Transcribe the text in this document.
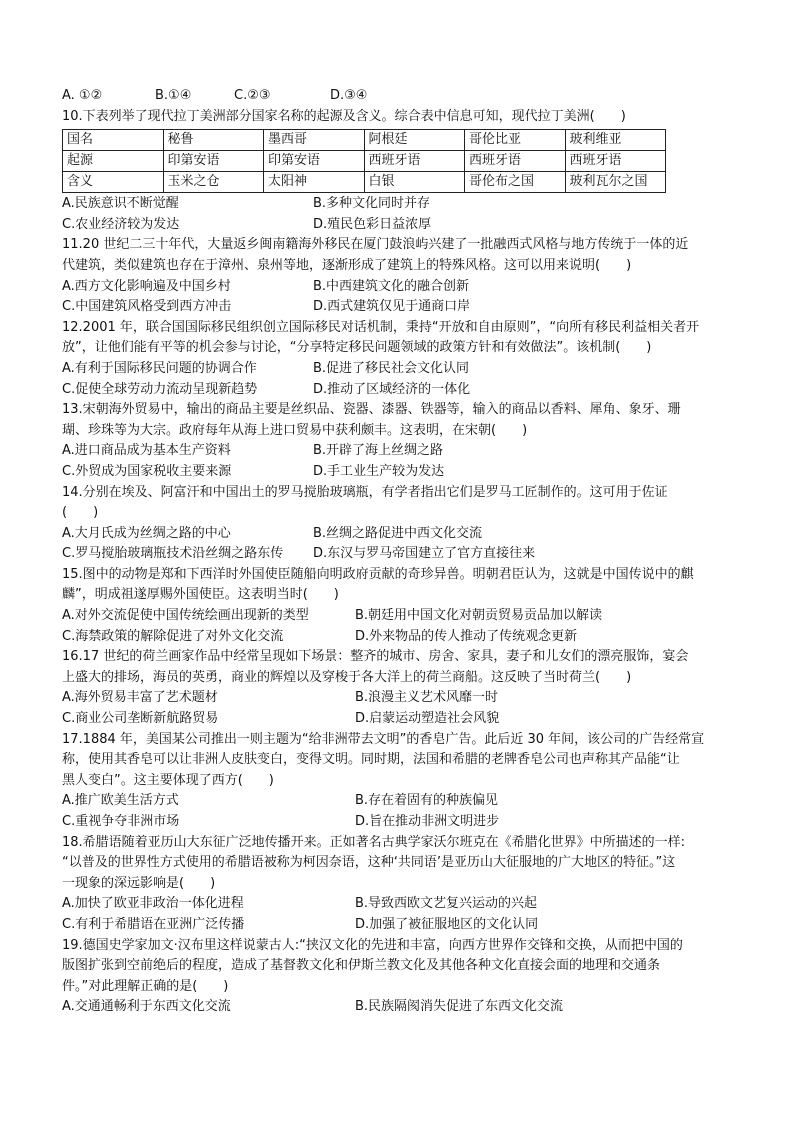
A. ①②	B.①④	C.②③	D.③④
10.下表列举了现代拉丁美洲部分国家名称的起源及含义。综合表中信息可知，现代拉丁美洲(　　)
国名	秘鲁	墨西哥	阿根廷	哥伦比亚	玻利维亚
起源	印第安语	印第安语	西班牙语	西班牙语	西班牙语
含义	玉米之仓	太阳神	白银	哥伦布之国	玻利瓦尔之国
A.民族意识不断觉醒	B.多种文化同时并存
C.农业经济较为发达	D.殖民色彩日益浓厚
11.20 世纪二三十年代，大量返乡闽南籍海外移民在厦门鼓浪屿兴建了一批融西式风格与地方传统于一体的近
代建筑，类似建筑也存在于漳州、泉州等地，逐渐形成了建筑上的特殊风格。这可以用来说明(　　)
A.西方文化影响遍及中国乡村	B.中西建筑文化的融合创新
C.中国建筑风格受到西方冲击	D.西式建筑仅见于通商口岸
12.2001 年，联合国国际移民组织创立国际移民对话机制，秉持“开放和自由原则”，“向所有移民利益相关者开
放”，让他们能有平等的机会参与讨论，“分享特定移民问题领域的政策方针和有效做法”。该机制(　　)
A.有利于国际移民问题的协调合作	B.促进了移民社会文化认同
C.促使全球劳动力流动呈现新趋势	D.推动了区域经济的一体化
13.宋朝海外贸易中，输出的商品主要是丝织品、瓷器、漆器、铁器等，输入的商品以香料、犀角、象牙、珊
瑚、珍珠等为大宗。政府每年从海上进口贸易中获利颇丰。这表明，在宋朝(　　)
A.进口商品成为基本生产资料	B.开辟了海上丝绸之路
C.外贸成为国家税收主要来源	D.手工业生产较为发达
14.分别在埃及、阿富汗和中国出土的罗马搅胎玻璃瓶，有学者指出它们是罗马工匠制作的。这可用于佐证
(　　)
A.大月氏成为丝绸之路的中心	B.丝绸之路促进中西文化交流
C.罗马搅胎玻璃瓶技术沿丝绸之路东传 D.东汉与罗马帝国建立了官方直接往来
15.图中的动物是郑和下西洋时外国使臣随船向明政府贡献的奇珍异兽。明朝君臣认为，这就是中国传说中的麒
麟”，明成祖遂厚赐外国使臣。这表明当时(　　)
A.对外交流促使中国传统绘画出现新的类型	B.朝廷用中国文化对朝贡贸易贡品加以解读
C.海禁政策的解除促进了对外文化交流	D.外来物品的传人推动了传统观念更新
16.17 世纪的荷兰画家作品中经常呈现如下场景：整齐的城市、房舍、家具，妻子和儿女们的漂亮服饰，宴会
上盛大的排场，海员的英勇，商业的辉煌以及穿梭于各大洋上的荷兰商船。这反映了当时荷兰(　　)
A.海外贸易丰富了艺术题材	B.浪漫主义艺术风靡一时
C.商业公司垄断新航路贸易	D.启蒙运动塑造社会风貌
17.1884 年，美国某公司推出一则主题为“给非洲带去文明”的香皂广告。此后近 30 年间，该公司的广告经常宣
称，使用其香皂可以让非洲人皮肤变白，变得文明。同时期，法国和希腊的老牌香皂公司也声称其产品能“让
黑人变白”。这主要体现了西方(　　)
A.推广欧美生活方式	B.存在着固有的种族偏见
C.重视争夺非洲市场	D.旨在推动非洲文明进步
18.希腊语随着亚历山大东征广泛地传播开来。正如著名古典学家沃尔班克在《希腊化世界》中所描述的一样:
“以普及的世界性方式使用的希腊语被称为柯因奈语，这种‘共同语’是亚历山大征服地的广大地区的特征。”这
一现象的深远影响是(　　)
A.加快了欧亚非政治一体化进程	B.导致西欧文艺复兴运动的兴起
C.有利于希腊语在亚洲广泛传播	D.加强了被征服地区的文化认同
19.德国史学家加文·汉布里这样说蒙古人:“挟汉文化的先进和丰富，向西方世界作交锋和交换，从而把中国的
版图扩张到空前绝后的程度，造成了基督教文化和伊斯兰教文化及其他各种文化直接会面的地理和交通条
件。”对此理解正确的是(　　)
A.交通通畅利于东西文化交流	B.民族隔阂消失促进了东西文化交流
